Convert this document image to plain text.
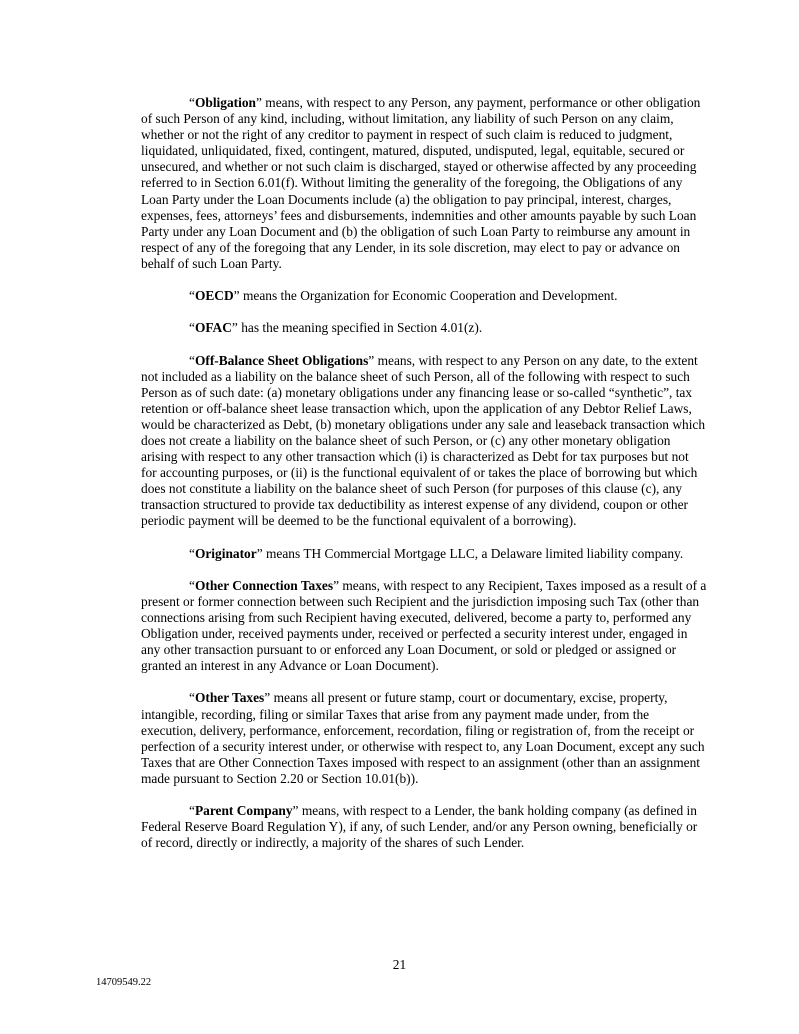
“Obligation” means, with respect to any Person, any payment, performance or other obligation of such Person of any kind, including, without limitation, any liability of such Person on any claim, whether or not the right of any creditor to payment in respect of such claim is reduced to judgment, liquidated, unliquidated, fixed, contingent, matured, disputed, undisputed, legal, equitable, secured or unsecured, and whether or not such claim is discharged, stayed or otherwise affected by any proceeding referred to in Section 6.01(f). Without limiting the generality of the foregoing, the Obligations of any Loan Party under the Loan Documents include (a) the obligation to pay principal, interest, charges, expenses, fees, attorneys’ fees and disbursements, indemnities and other amounts payable by such Loan Party under any Loan Document and (b) the obligation of such Loan Party to reimburse any amount in respect of any of the foregoing that any Lender, in its sole discretion, may elect to pay or advance on behalf of such Loan Party.

“OECD” means the Organization for Economic Cooperation and Development.

“OFAC” has the meaning specified in Section 4.01(z).

“Off-Balance Sheet Obligations” means, with respect to any Person on any date, to the extent not included as a liability on the balance sheet of such Person, all of the following with respect to such Person as of such date: (a) monetary obligations under any financing lease or so-called “synthetic”, tax retention or off-balance sheet lease transaction which, upon the application of any Debtor Relief Laws, would be characterized as Debt, (b) monetary obligations under any sale and leaseback transaction which does not create a liability on the balance sheet of such Person, or (c) any other monetary obligation arising with respect to any other transaction which (i) is characterized as Debt for tax purposes but not for accounting purposes, or (ii) is the functional equivalent of or takes the place of borrowing but which does not constitute a liability on the balance sheet of such Person (for purposes of this clause (c), any transaction structured to provide tax deductibility as interest expense of any dividend, coupon or other periodic payment will be deemed to be the functional equivalent of a borrowing).

“Originator” means TH Commercial Mortgage LLC, a Delaware limited liability company.

“Other Connection Taxes” means, with respect to any Recipient, Taxes imposed as a result of a present or former connection between such Recipient and the jurisdiction imposing such Tax (other than connections arising from such Recipient having executed, delivered, become a party to, performed any Obligation under, received payments under, received or perfected a security interest under, engaged in any other transaction pursuant to or enforced any Loan Document, or sold or pledged or assigned or granted an interest in any Advance or Loan Document).

“Other Taxes” means all present or future stamp, court or documentary, excise, property, intangible, recording, filing or similar Taxes that arise from any payment made under, from the execution, delivery, performance, enforcement, recordation, filing or registration of, from the receipt or perfection of a security interest under, or otherwise with respect to, any Loan Document, except any such Taxes that are Other Connection Taxes imposed with respect to an assignment (other than an assignment made pursuant to Section 2.20 or Section 10.01(b)).

“Parent Company” means, with respect to a Lender, the bank holding company (as defined in Federal Reserve Board Regulation Y), if any, of such Lender, and/or any Person owning, beneficially or of record, directly or indirectly, a majority of the shares of such Lender.

21
14709549.22
